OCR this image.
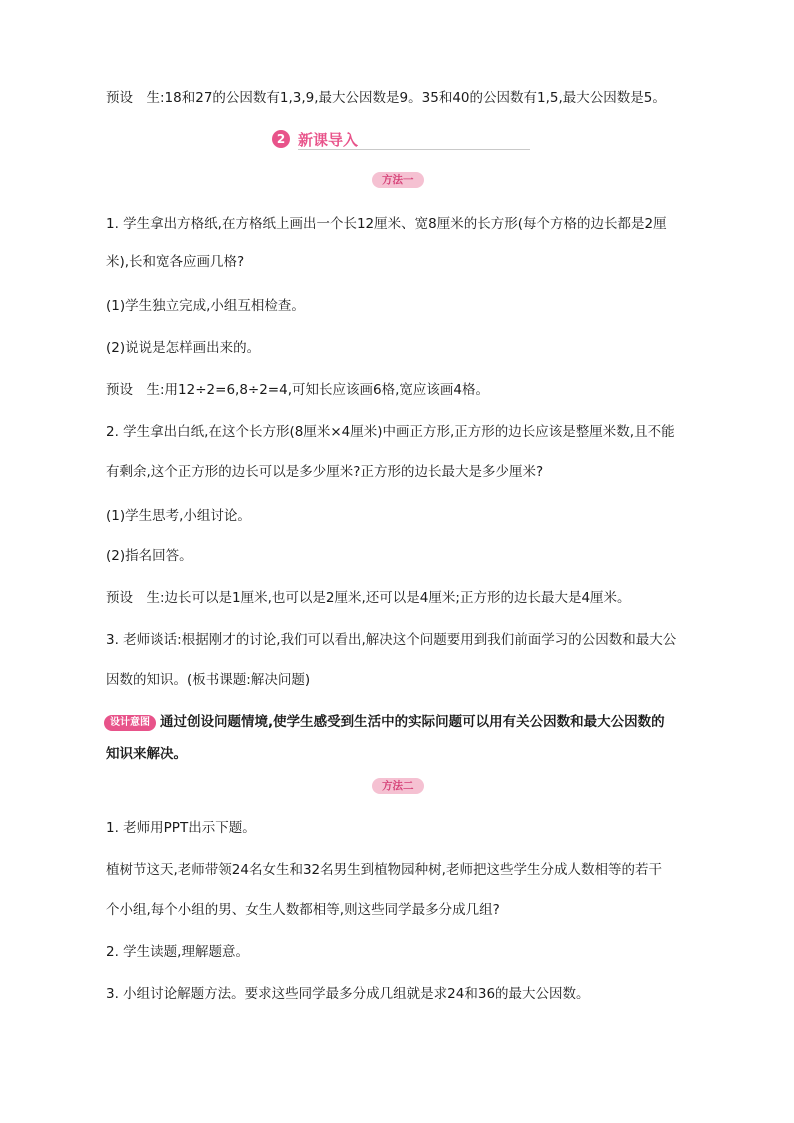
预设　生:18和27的公因数有1,3,9,最大公因数是9。35和40的公因数有1,5,最大公因数是5。
2 新课导入
方法一
1. 学生拿出方格纸,在方格纸上画出一个长12厘米、宽8厘米的长方形(每个方格的边长都是2厘
米),长和宽各应画几格?
(1)学生独立完成,小组互相检查。
(2)说说是怎样画出来的。
预设　生:用12÷2=6,8÷2=4,可知长应该画6格,宽应该画4格。
2. 学生拿出白纸,在这个长方形(8厘米×4厘米)中画正方形,正方形的边长应该是整厘米数,且不能
有剩余,这个正方形的边长可以是多少厘米?正方形的边长最大是多少厘米?
(1)学生思考,小组讨论。
(2)指名回答。
预设　生:边长可以是1厘米,也可以是2厘米,还可以是4厘米;正方形的边长最大是4厘米。
3. 老师谈话:根据刚才的讨论,我们可以看出,解决这个问题要用到我们前面学习的公因数和最大公
因数的知识。(板书课题:解决问题)
设计意图 通过创设问题情境,使学生感受到生活中的实际问题可以用有关公因数和最大公因数的
知识来解决。
方法二
1. 老师用PPT出示下题。
植树节这天,老师带领24名女生和32名男生到植物园种树,老师把这些学生分成人数相等的若干
个小组,每个小组的男、女生人数都相等,则这些同学最多分成几组?
2. 学生读题,理解题意。
3. 小组讨论解题方法。要求这些同学最多分成几组就是求24和36的最大公因数。
